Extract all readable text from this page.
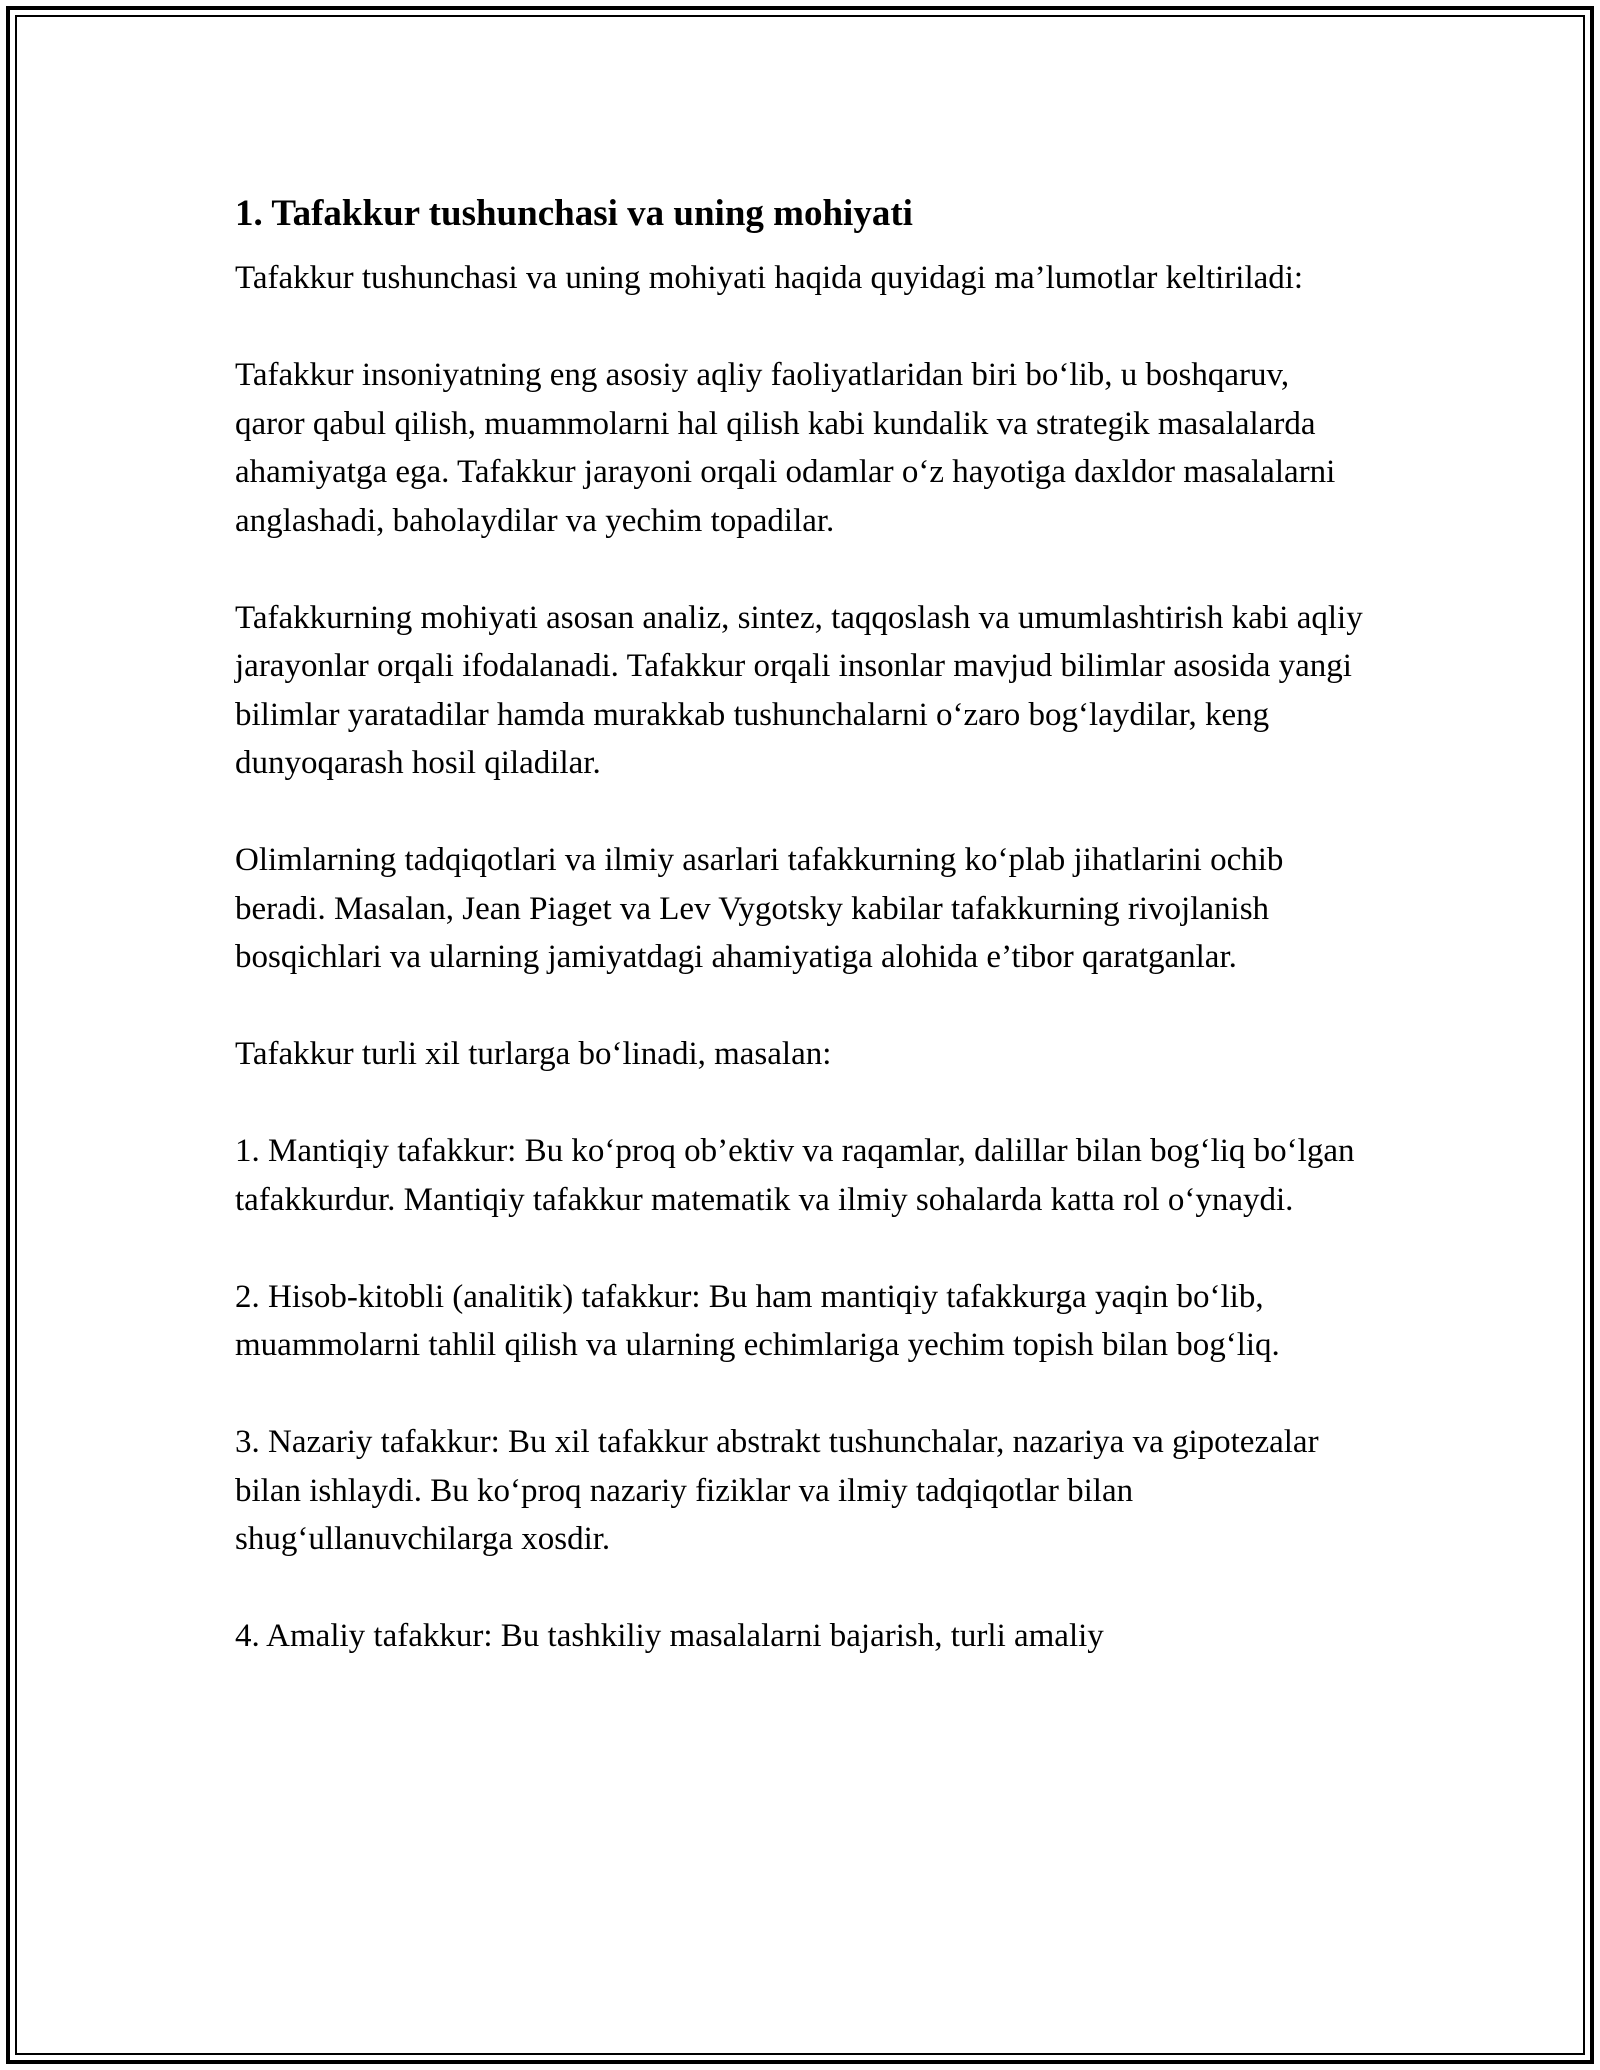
1. Tafakkur tushunchasi va uning mohiyati

Tafakkur tushunchasi va uning mohiyati haqida quyidagi ma’lumotlar keltiriladi:

Tafakkur insoniyatning eng asosiy aqliy faoliyatlaridan biri bo‘lib, u boshqaruv, qaror qabul qilish, muammolarni hal qilish kabi kundalik va strategik masalalarda ahamiyatga ega. Tafakkur jarayoni orqali odamlar o‘z hayotiga daxldor masalalarni anglashadi, baholaydilar va yechim topadilar.

Tafakkurning mohiyati asosan analiz, sintez, taqqoslash va umumlashtirish kabi aqliy jarayonlar orqali ifodalanadi. Tafakkur orqali insonlar mavjud bilimlar asosida yangi bilimlar yaratadilar hamda murakkab tushunchalarni o‘zaro bog‘laydilar, keng dunyoqarash hosil qiladilar.

Olimlarning tadqiqotlari va ilmiy asarlari tafakkurning ko‘plab jihatlarini ochib beradi. Masalan, Jean Piaget va Lev Vygotsky kabilar tafakkurning rivojlanish bosqichlari va ularning jamiyatdagi ahamiyatiga alohida e’tibor qaratganlar.

Tafakkur turli xil turlarga bo‘linadi, masalan:

1. Mantiqiy tafakkur: Bu ko‘proq ob’ektiv va raqamlar, dalillar bilan bog‘liq bo‘lgan tafakkurdur. Mantiqiy tafakkur matematik va ilmiy sohalarda katta rol o‘ynaydi.

2. Hisob-kitobli (analitik) tafakkur: Bu ham mantiqiy tafakkurga yaqin bo‘lib, muammolarni tahlil qilish va ularning echimlariga yechim topish bilan bog‘liq.

3. Nazariy tafakkur: Bu xil tafakkur abstrakt tushunchalar, nazariya va gipotezalar bilan ishlaydi. Bu ko‘proq nazariy fiziklar va ilmiy tadqiqotlar bilan shug‘ullanuvchilarga xosdir.

4. Amaliy tafakkur: Bu tashkiliy masalalarni bajarish, turli amaliy
